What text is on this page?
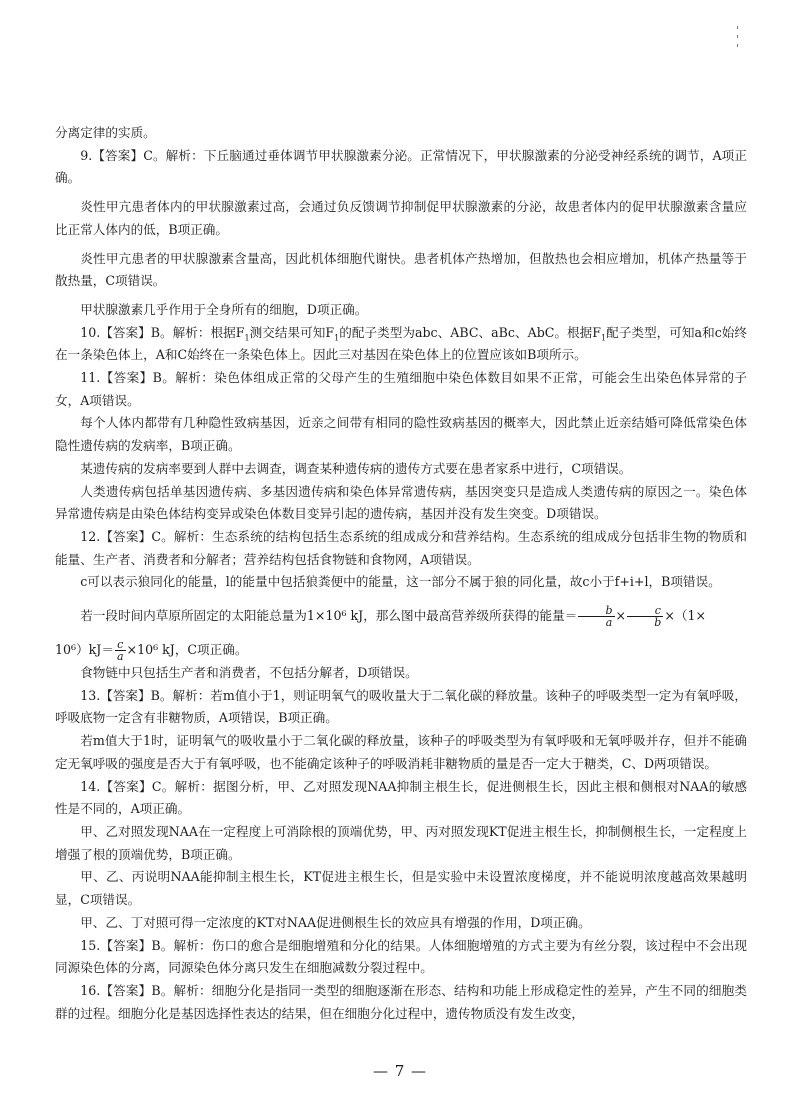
分离定律的实质。

9.【答案】C。解析：下丘脑通过垂体调节甲状腺激素分泌。正常情况下，甲状腺激素的分泌受神经系统的调节，A项正确。

炎性甲亢患者体内的甲状腺激素过高，会通过负反馈调节抑制促甲状腺激素的分泌，故患者体内的促甲状腺激素含量应比正常人体内的低，B项正确。

炎性甲亢患者的甲状腺激素含量高，因此机体细胞代谢快。患者机体产热增加，但散热也会相应增加，机体产热量等于散热量，C项错误。

甲状腺激素几乎作用于全身所有的细胞，D项正确。

10.【答案】B。解析：根据$F_1$测交结果可知$F_1$的配子类型为abc、ABC、aBc、AbC。根据$F_1$配子类型，可知a和c始终在一条染色体上，A和C始终在一条染色体上。因此三对基因在染色体上的位置应该如B项所示。

11.【答案】B。解析：染色体组成正常的父母产生的生殖细胞中染色体数目如果不正常，可能会生出染色体异常的子女，A项错误。

每个人体内都带有几种隐性致病基因，近亲之间带有相同的隐性致病基因的概率大，因此禁止近亲结婚可降低常染色体隐性遗传病的发病率，B项正确。

某遗传病的发病率要到人群中去调查，调查某种遗传病的遗传方式要在患者家系中进行，C项错误。

人类遗传病包括单基因遗传病、多基因遗传病和染色体异常遗传病，基因突变只是造成人类遗传病的原因之一。染色体异常遗传病是由染色体结构变异或染色体数目变异引起的遗传病，基因并没有发生突变。D项错误。

12.【答案】C。解析：生态系统的结构包括生态系统的组成成分和营养结构。生态系统的组成成分包括非生物的物质和能量、生产者、消费者和分解者；营养结构包括食物链和食物网，A项错误。

c可以表示狼同化的能量，l的能量中包括狼粪便中的能量，这一部分不属于狼的同化量，故c小于f+i+l，B项错误。

若一段时间内草原所固定的太阳能总量为1×10⁶ kJ，那么图中最高营养级所获得的能量＝ $\frac{b}{a} \times \frac{c}{b} \times(1\times$

$10^6)kJ= \frac{c}{a} \times 10^6$ kJ，C项正确。

食物链中只包括生产者和消费者，不包括分解者，D项错误。

13.【答案】B。解析：若m值小于1，则证明氧气的吸收量大于二氧化碳的释放量。该种子的呼吸类型一定为有氧呼吸，呼吸底物一定含有非糖物质，A项错误，B项正确。

若m值大于1时，证明氧气的吸收量小于二氧化碳的释放量，该种子的呼吸类型为有氧呼吸和无氧呼吸并存，但并不能确定无氧呼吸的强度是否大于有氧呼吸，也不能确定该种子的呼吸消耗非糖物质的量是否一定大于糖类，C、D两项错误。

14.【答案】C。解析：据图分析，甲、乙对照发现NAA抑制主根生长，促进侧根生长，因此主根和侧根对NAA的敏感性是不同的，A项正确。

甲、乙对照发现NAA在一定程度上可消除根的顶端优势，甲、丙对照发现KT促进主根生长，抑制侧根生长，一定程度上增强了根的顶端优势，B项正确。

甲、乙、丙说明NAA能抑制主根生长，KT促进主根生长，但是实验中未设置浓度梯度，并不能说明浓度越高效果越明显，C项错误。

甲、乙、丁对照可得一定浓度的KT对NAA促进侧根生长的效应具有增强的作用，D项正确。

15.【答案】B。解析：伤口的愈合是细胞增殖和分化的结果。人体细胞增殖的方式主要为有丝分裂，该过程中不会出现同源染色体的分离，同源染色体分离只发生在细胞减数分裂过程中。

16.【答案】B。解析：细胞分化是指同一类型的细胞逐渐在形态、结构和功能上形成稳定性的差异，产生不同的细胞类群的过程。细胞分化是基因选择性表达的结果，但在细胞分化过程中，遗传物质没有发生改变，

— 7 —
